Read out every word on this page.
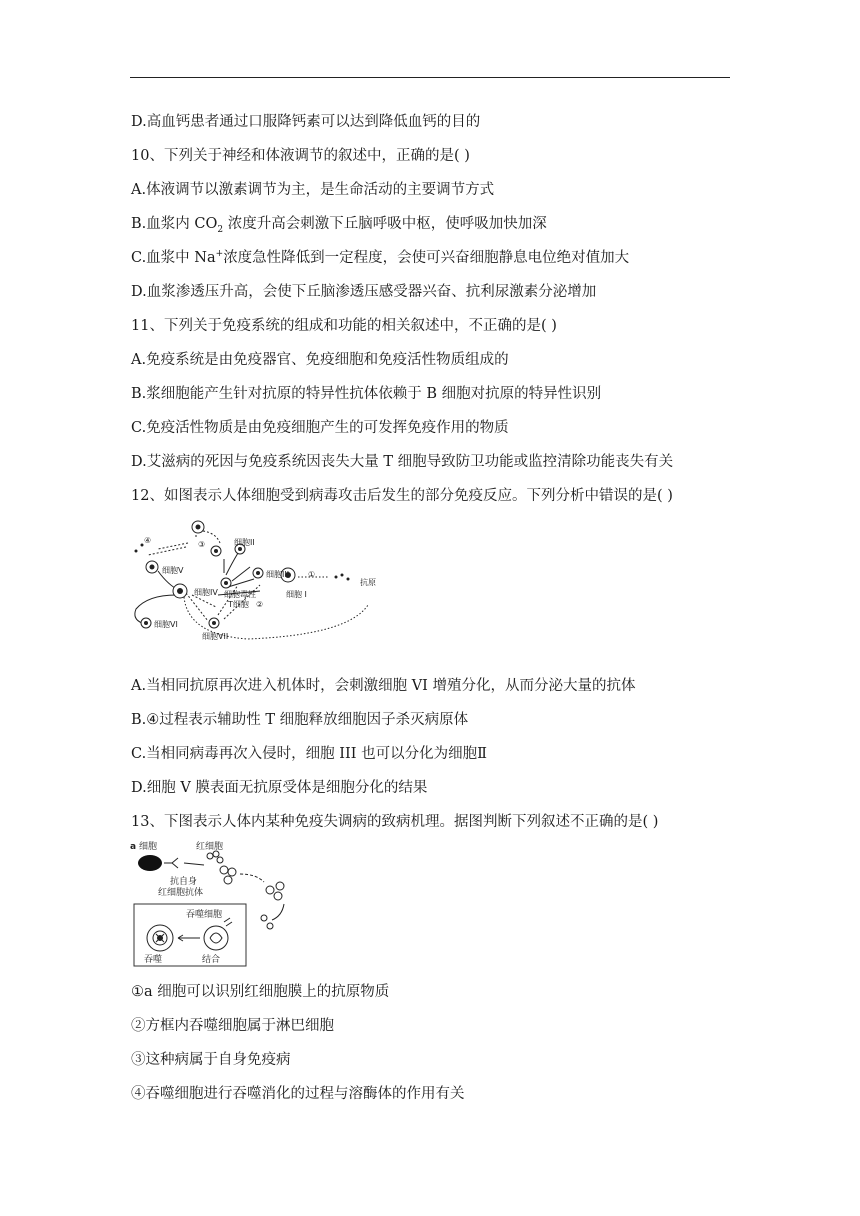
D.高血钙患者通过口服降钙素可以达到降低血钙的目的
10、下列关于神经和体液调节的叙述中，正确的是( )
A.体液调节以激素调节为主，是生命活动的主要调节方式
B.血浆内 $CO_2$ 浓度升高会刺激下丘脑呼吸中枢，使呼吸加快加深
C.血浆中 Na+浓度急性降低到一定程度，会使可兴奋细胞静息电位绝对值加大
D.血浆渗透压升高，会使下丘脑渗透压感受器兴奋、抗利尿激素分泌增加
11、下列关于免疫系统的组成和功能的相关叙述中，不正确的是( )
A.免疫系统是由免疫器官、免疫细胞和免疫活性物质组成的
B.浆细胞能产生针对抗原的特异性抗体依赖于 B 细胞对抗原的特异性识别
C.免疫活性物质是由免疫细胞产生的可发挥免疫作用的物质
D.艾滋病的死因与免疫系统因丧失大量 T 细胞导致防卫功能或监控清除功能丧失有关
12、如图表示人体细胞受到病毒攻击后发生的部分免疫反应。下列分析中错误的是( )
细胞II
细胞III
细胞 I
抗原
细胞IV
细胞V
细胞VI
细胞VII
细胞毒性
T细胞
①
②
③
④
A.当相同抗原再次进入机体时，会刺激细胞 VI 增殖分化，从而分泌大量的抗体
B.④过程表示辅助性 T 细胞释放细胞因子杀灭病原体
C.当相同病毒再次入侵时，细胞 III 也可以分化为细胞Ⅱ
D.细胞 V 膜表面无抗原受体是细胞分化的结果
13、下图表示人体内某种免疫失调病的致病机理。据图判断下列叙述不正确的是( )
a 细胞	红细胞
抗自身
红细胞抗体
吞噬细胞
吞噬	结合
①a 细胞可以识别红细胞膜上的抗原物质
②方框内吞噬细胞属于淋巴细胞
③这种病属于自身免疫病
④吞噬细胞进行吞噬消化的过程与溶酶体的作用有关
